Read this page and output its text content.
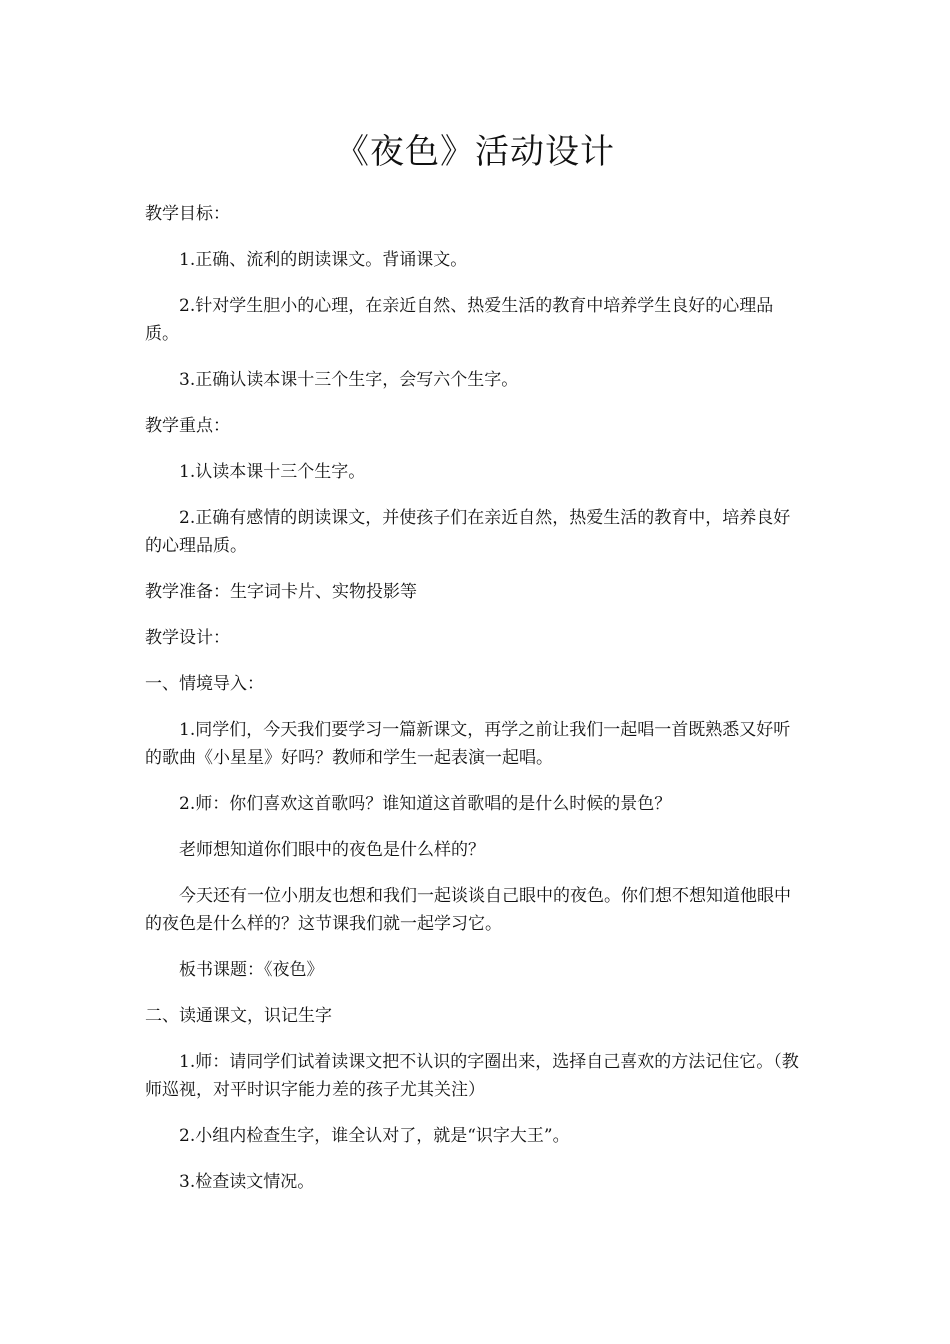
《夜色》活动设计

教学目标：

1.正确、流利的朗读课文。背诵课文。

2.针对学生胆小的心理，在亲近自然、热爱生活的教育中培养学生良好的心理品质。

3.正确认读本课十三个生字，会写六个生字。

教学重点：

1.认读本课十三个生字。

2.正确有感情的朗读课文，并使孩子们在亲近自然，热爱生活的教育中，培养良好的心理品质。

教学准备：生字词卡片、实物投影等

教学设计：

一、情境导入：

1.同学们，今天我们要学习一篇新课文，再学之前让我们一起唱一首既熟悉又好听的歌曲《小星星》好吗？教师和学生一起表演一起唱。

2.师：你们喜欢这首歌吗？谁知道这首歌唱的是什么时候的景色？

老师想知道你们眼中的夜色是什么样的？

今天还有一位小朋友也想和我们一起谈谈自己眼中的夜色。你们想不想知道他眼中的夜色是什么样的？这节课我们就一起学习它。

板书课题：《夜色》

二、读通课文，识记生字

1.师：请同学们试着读课文把不认识的字圈出来，选择自己喜欢的方法记住它。（教师巡视，对平时识字能力差的孩子尤其关注）

2.小组内检查生字，谁全认对了，就是“识字大王”。

3.检查读文情况。
